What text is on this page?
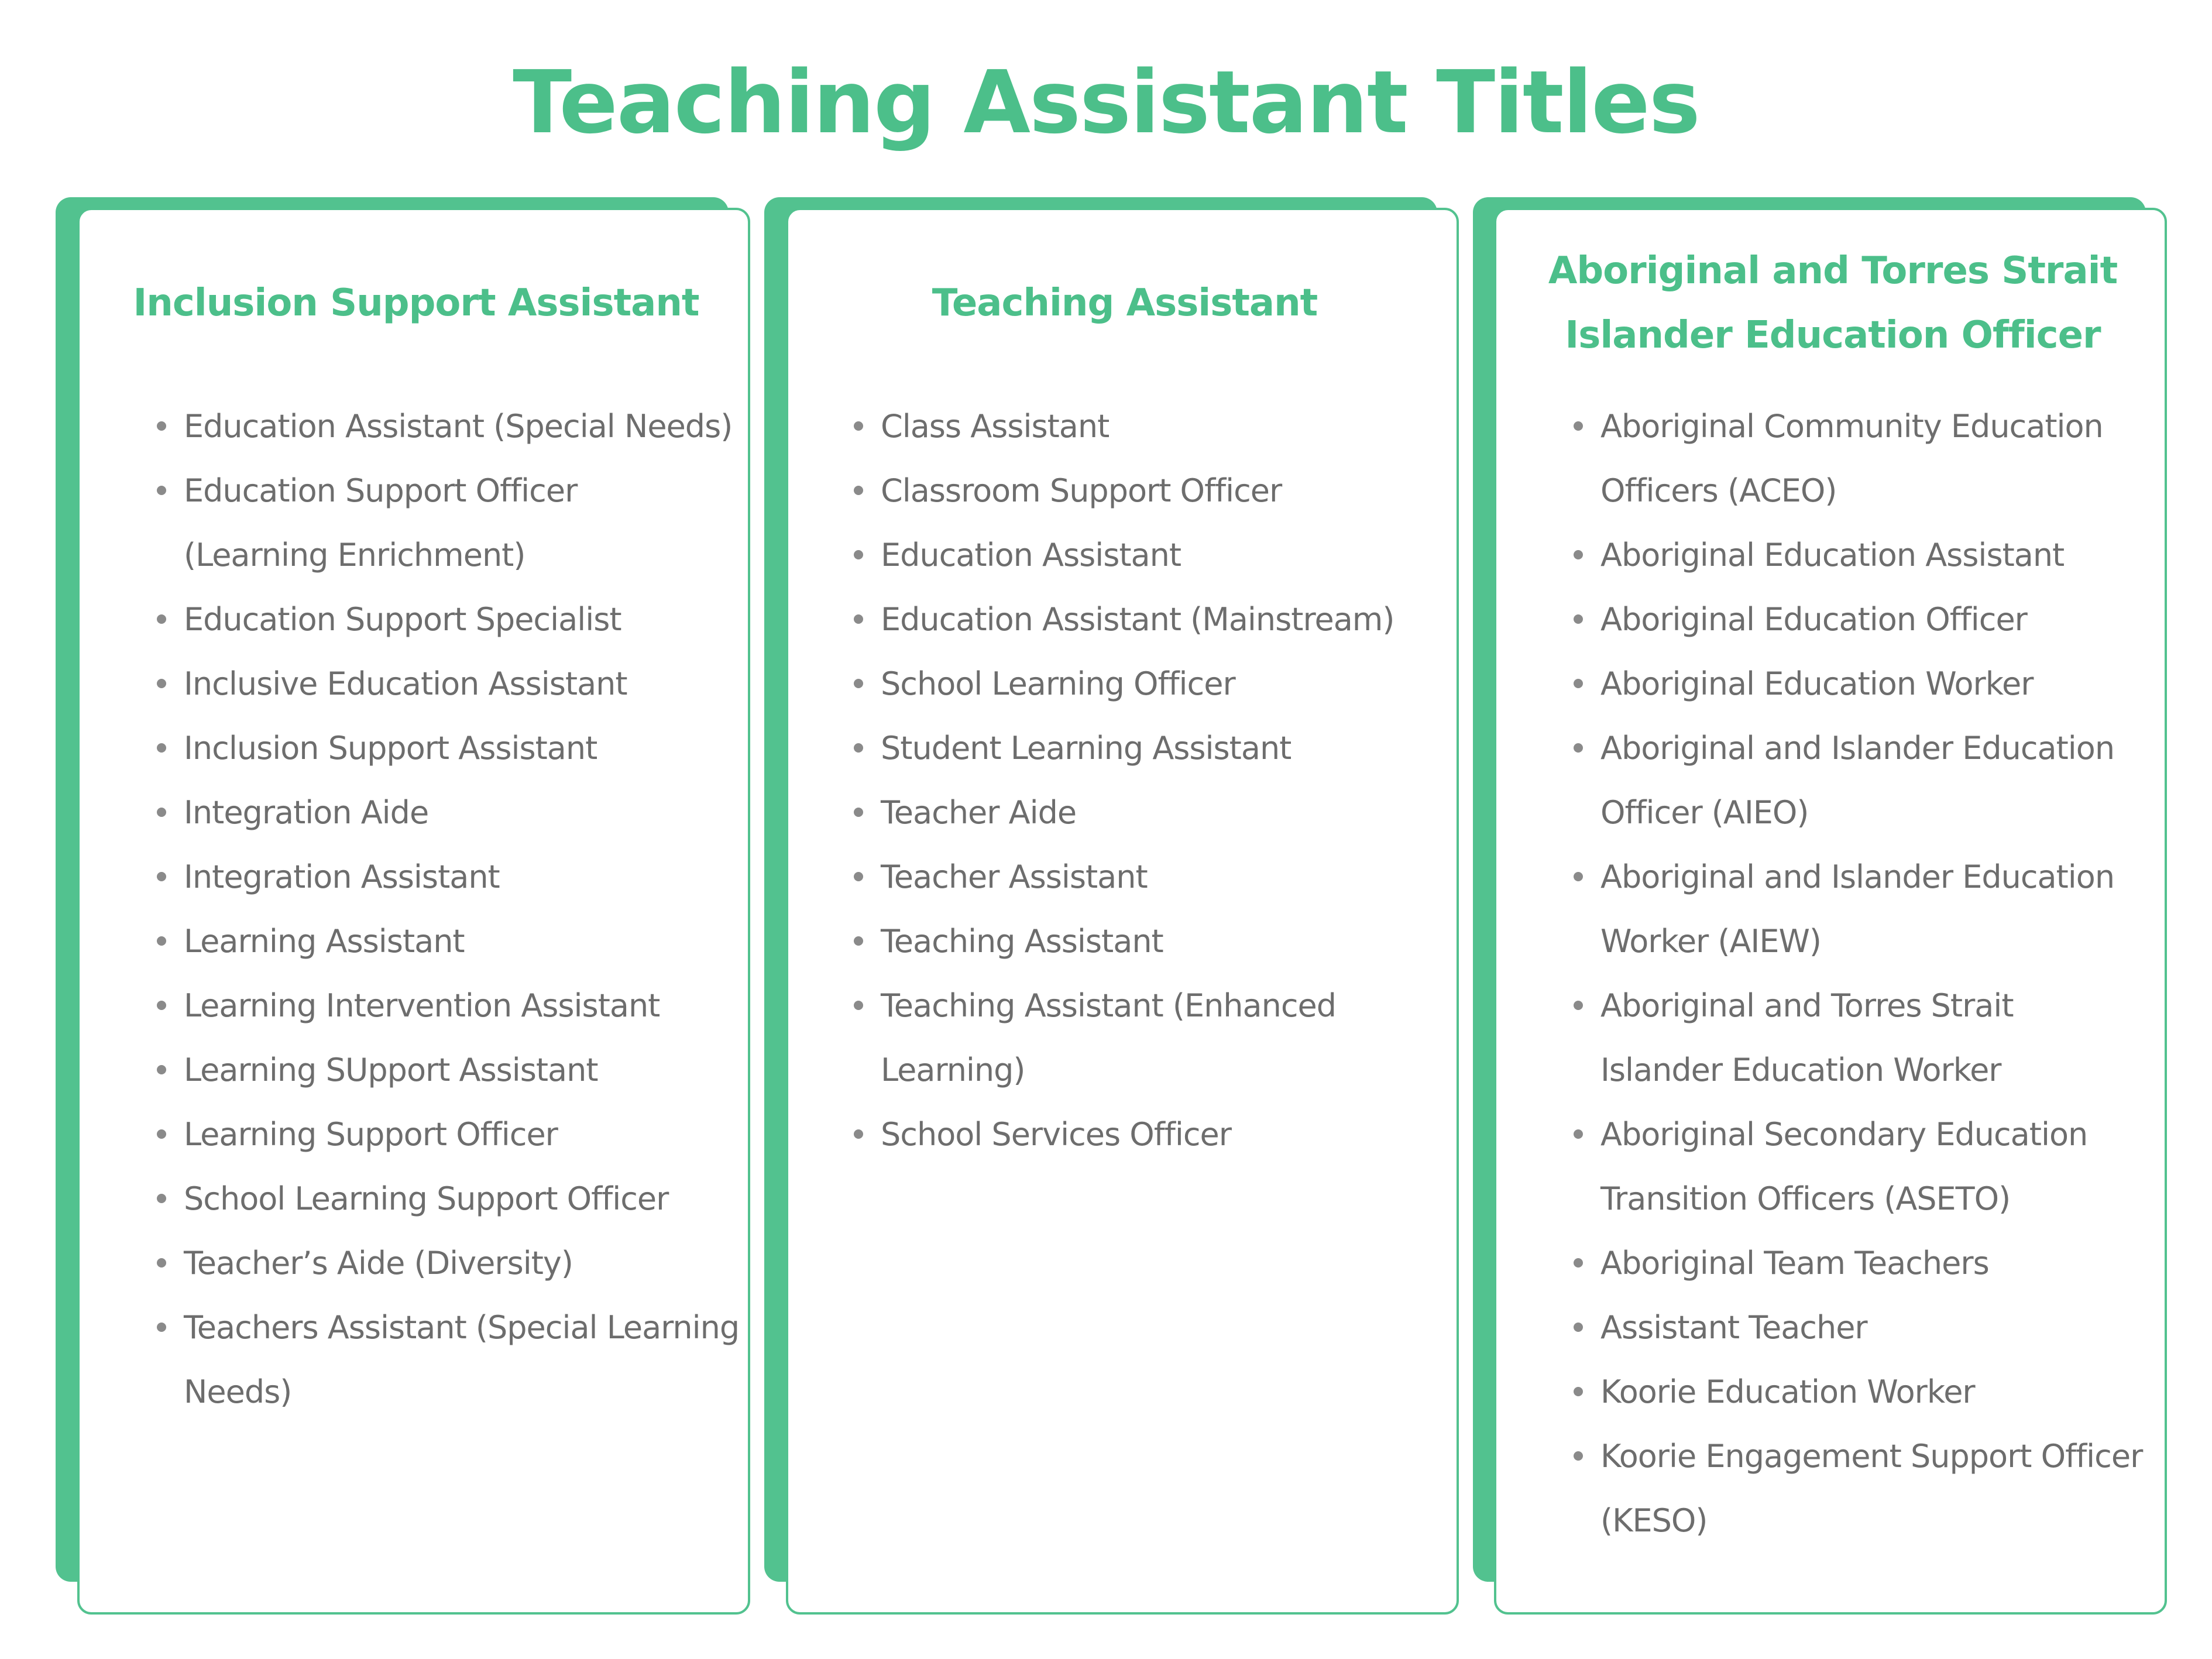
Teaching Assistant Titles
Inclusion Support Assistant
Education Assistant (Special Needs)
Education Support Officer
(Learning Enrichment)
Education Support Specialist
Inclusive Education Assistant
Inclusion Support Assistant
Integration Aide
Integration Assistant
Learning Assistant
Learning Intervention Assistant
Learning SUpport Assistant
Learning Support Officer
School Learning Support Officer
Teacher’s Aide (Diversity)
Teachers Assistant (Special Learning
Needs)
Teaching Assistant
Class Assistant
Classroom Support Officer
Education Assistant
Education Assistant (Mainstream)
School Learning Officer
Student Learning Assistant
Teacher Aide
Teacher Assistant
Teaching Assistant
Teaching Assistant (Enhanced
Learning)
School Services Officer
Aboriginal and Torres Strait
Islander Education Officer
Aboriginal Community Education
Officers (ACEO)
Aboriginal Education Assistant
Aboriginal Education Officer
Aboriginal Education Worker
Aboriginal and Islander Education
Officer (AIEO)
Aboriginal and Islander Education
Worker (AIEW)
Aboriginal and Torres Strait
Islander Education Worker
Aboriginal Secondary Education
Transition Officers (ASETO)
Aboriginal Team Teachers
Assistant Teacher
Koorie Education Worker
Koorie Engagement Support Officer
(KESO)
